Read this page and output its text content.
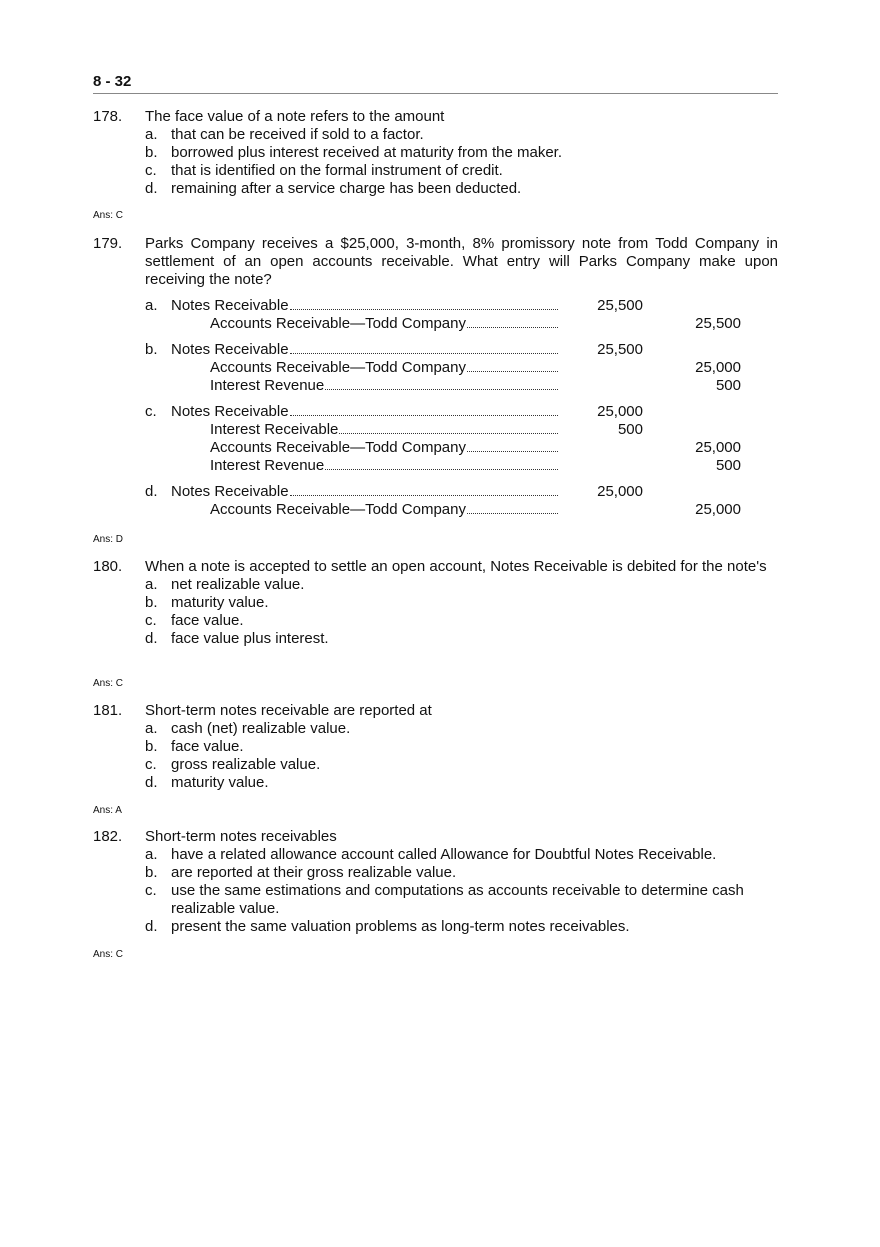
8 - 32
178. The face value of a note refers to the amount
a. that can be received if sold to a factor.
b. borrowed plus interest received at maturity from the maker.
c. that is identified on the formal instrument of credit.
d. remaining after a service charge has been deducted.
Ans: C
179. Parks Company receives a $25,000, 3-month, 8% promissory note from Todd Company in settlement of an open accounts receivable. What entry will Parks Company make upon receiving the note?
a. Notes Receivable	25,500
Accounts Receivable—Todd Company	25,500
b. Notes Receivable	25,500
Accounts Receivable—Todd Company	25,000
Interest Revenue	500
c. Notes Receivable	25,000
Interest Receivable	500
Accounts Receivable—Todd Company	25,000
Interest Revenue	500
d. Notes Receivable	25,000
Accounts Receivable—Todd Company	25,000
Ans: D
180. When a note is accepted to settle an open account, Notes Receivable is debited for the note's
a. net realizable value.
b. maturity value.
c. face value.
d. face value plus interest.
Ans: C
181. Short-term notes receivable are reported at
a. cash (net) realizable value.
b. face value.
c. gross realizable value.
d. maturity value.
Ans: A
182. Short-term notes receivables
a. have a related allowance account called Allowance for Doubtful Notes Receivable.
b. are reported at their gross realizable value.
c. use the same estimations and computations as accounts receivable to determine cash realizable value.
d. present the same valuation problems as long-term notes receivables.
Ans: C
